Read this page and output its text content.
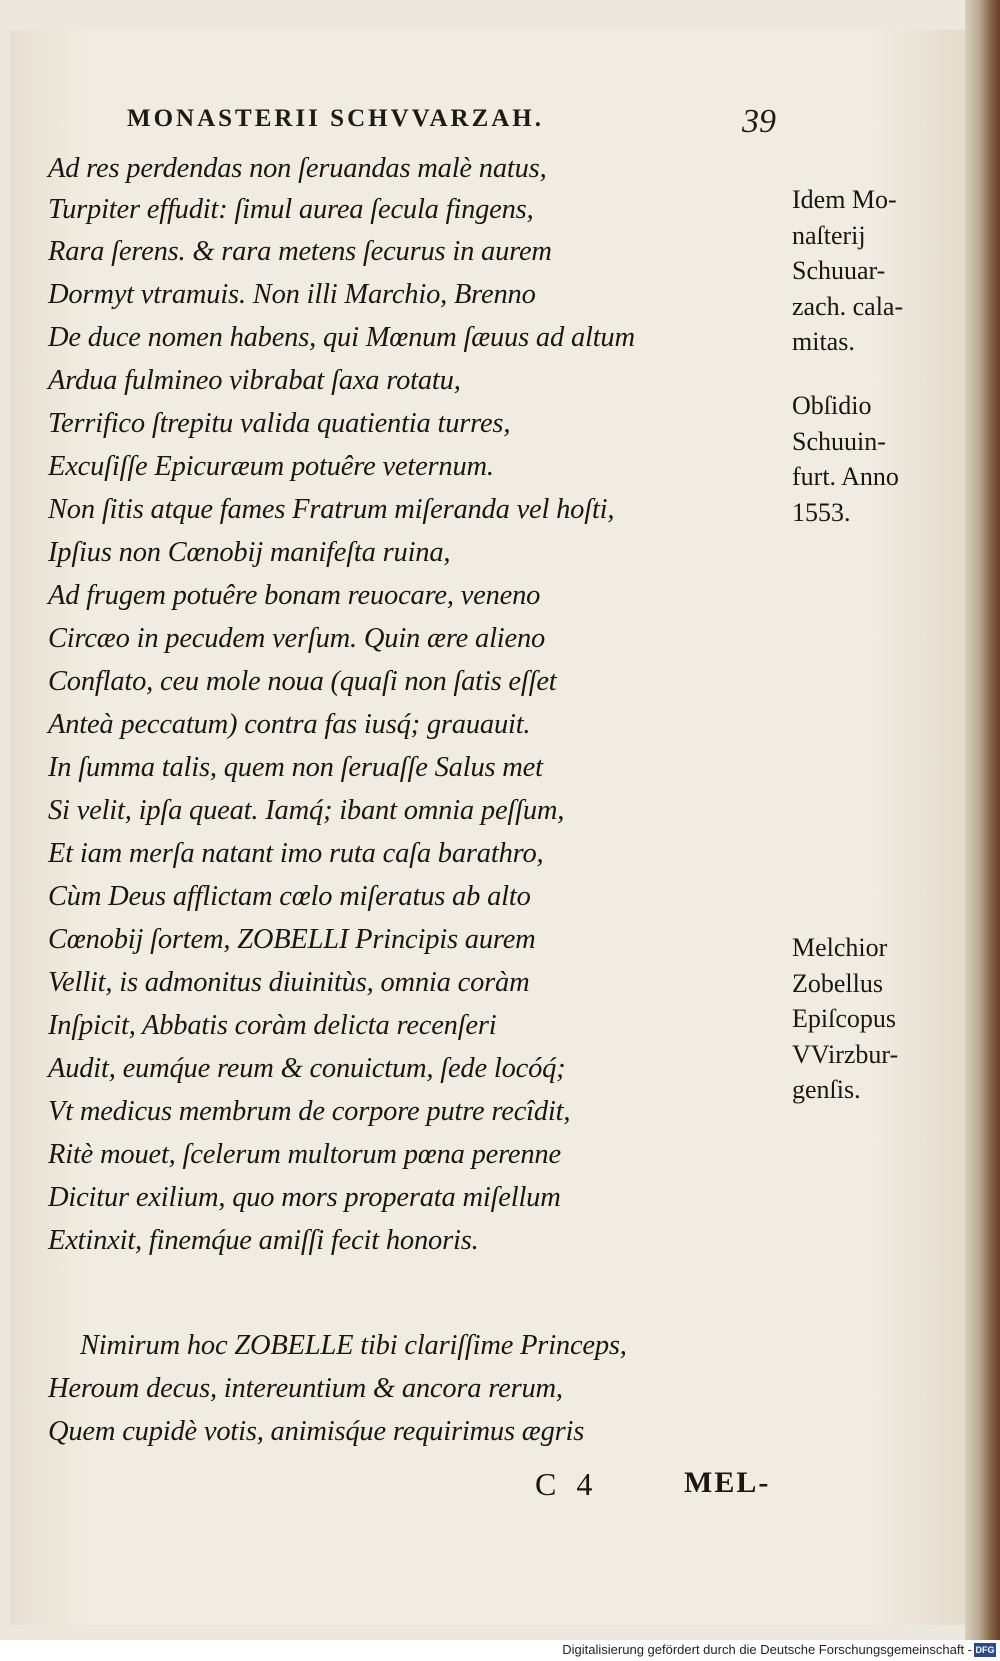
MONASTERII SCHVVARZAH.	39
Ad res perdendas non ſeruandas malè natus,
Turpiter effudit: ſimul aurea ſecula fingens,
Rara ſerens. & rara metens ſecurus in aurem
Dormyt vtramuis. Non illi Marchio, Brenno
De duce nomen habens, qui Mœnum ſæuus ad altum
Ardua fulmineo vibrabat ſaxa rotatu,
Terrifico ſtrepitu valida quatientia turres,
Excuſiſſe Epicuræum potuêre veternum.
Non ſitis atque fames Fratrum miſeranda vel hoſti,
Ipſius non Cœnobij manifeſta ruina,
Ad frugem potuêre bonam reuocare, veneno
Circæo in pecudem verſum. Quin ære alieno
Conflato, ceu mole noua (quaſi non ſatis eſſet
Anteà peccatum) contra fas iusq́; grauauit.
In ſumma talis, quem non ſeruaſſe Salus met
Si velit, ipſa queat. Iamq́; ibant omnia peſſum,
Et iam merſa natant imo ruta caſa barathro,
Cùm Deus afflictam cœlo miſeratus ab alto
Cœnobij ſortem, ZOBELLI Principis aurem
Vellit, is admonitus diuinitùs, omnia coràm
Inſpicit, Abbatis coràm delicta recenſeri
Audit, eumq́ue reum & conuictum, ſede locóq́;
Vt medicus membrum de corpore putre recîdit,
Ritè mouet, ſcelerum multorum pœna perenne
Dicitur exilium, quo mors properata miſellum
Extinxit, finemq́ue amiſſi fecit honoris.
Nimirum hoc ZOBELLE tibi clariſſime Princeps,
Heroum decus, intereuntium & ancora rerum,
Quem cupidè votis, animisq́ue requirimus ægris
Idem Mo-
naſterij
Schuuar-
zach. cala-
mitas.
Obſidio
Schuuin-
furt. Anno
1553.
Melchior
Zobellus
Epiſcopus
VVirzbur-
genſis.
C 4	MEL-
Digitalisierung gefördert durch die Deutsche Forschungsgemeinschaft - DFG
